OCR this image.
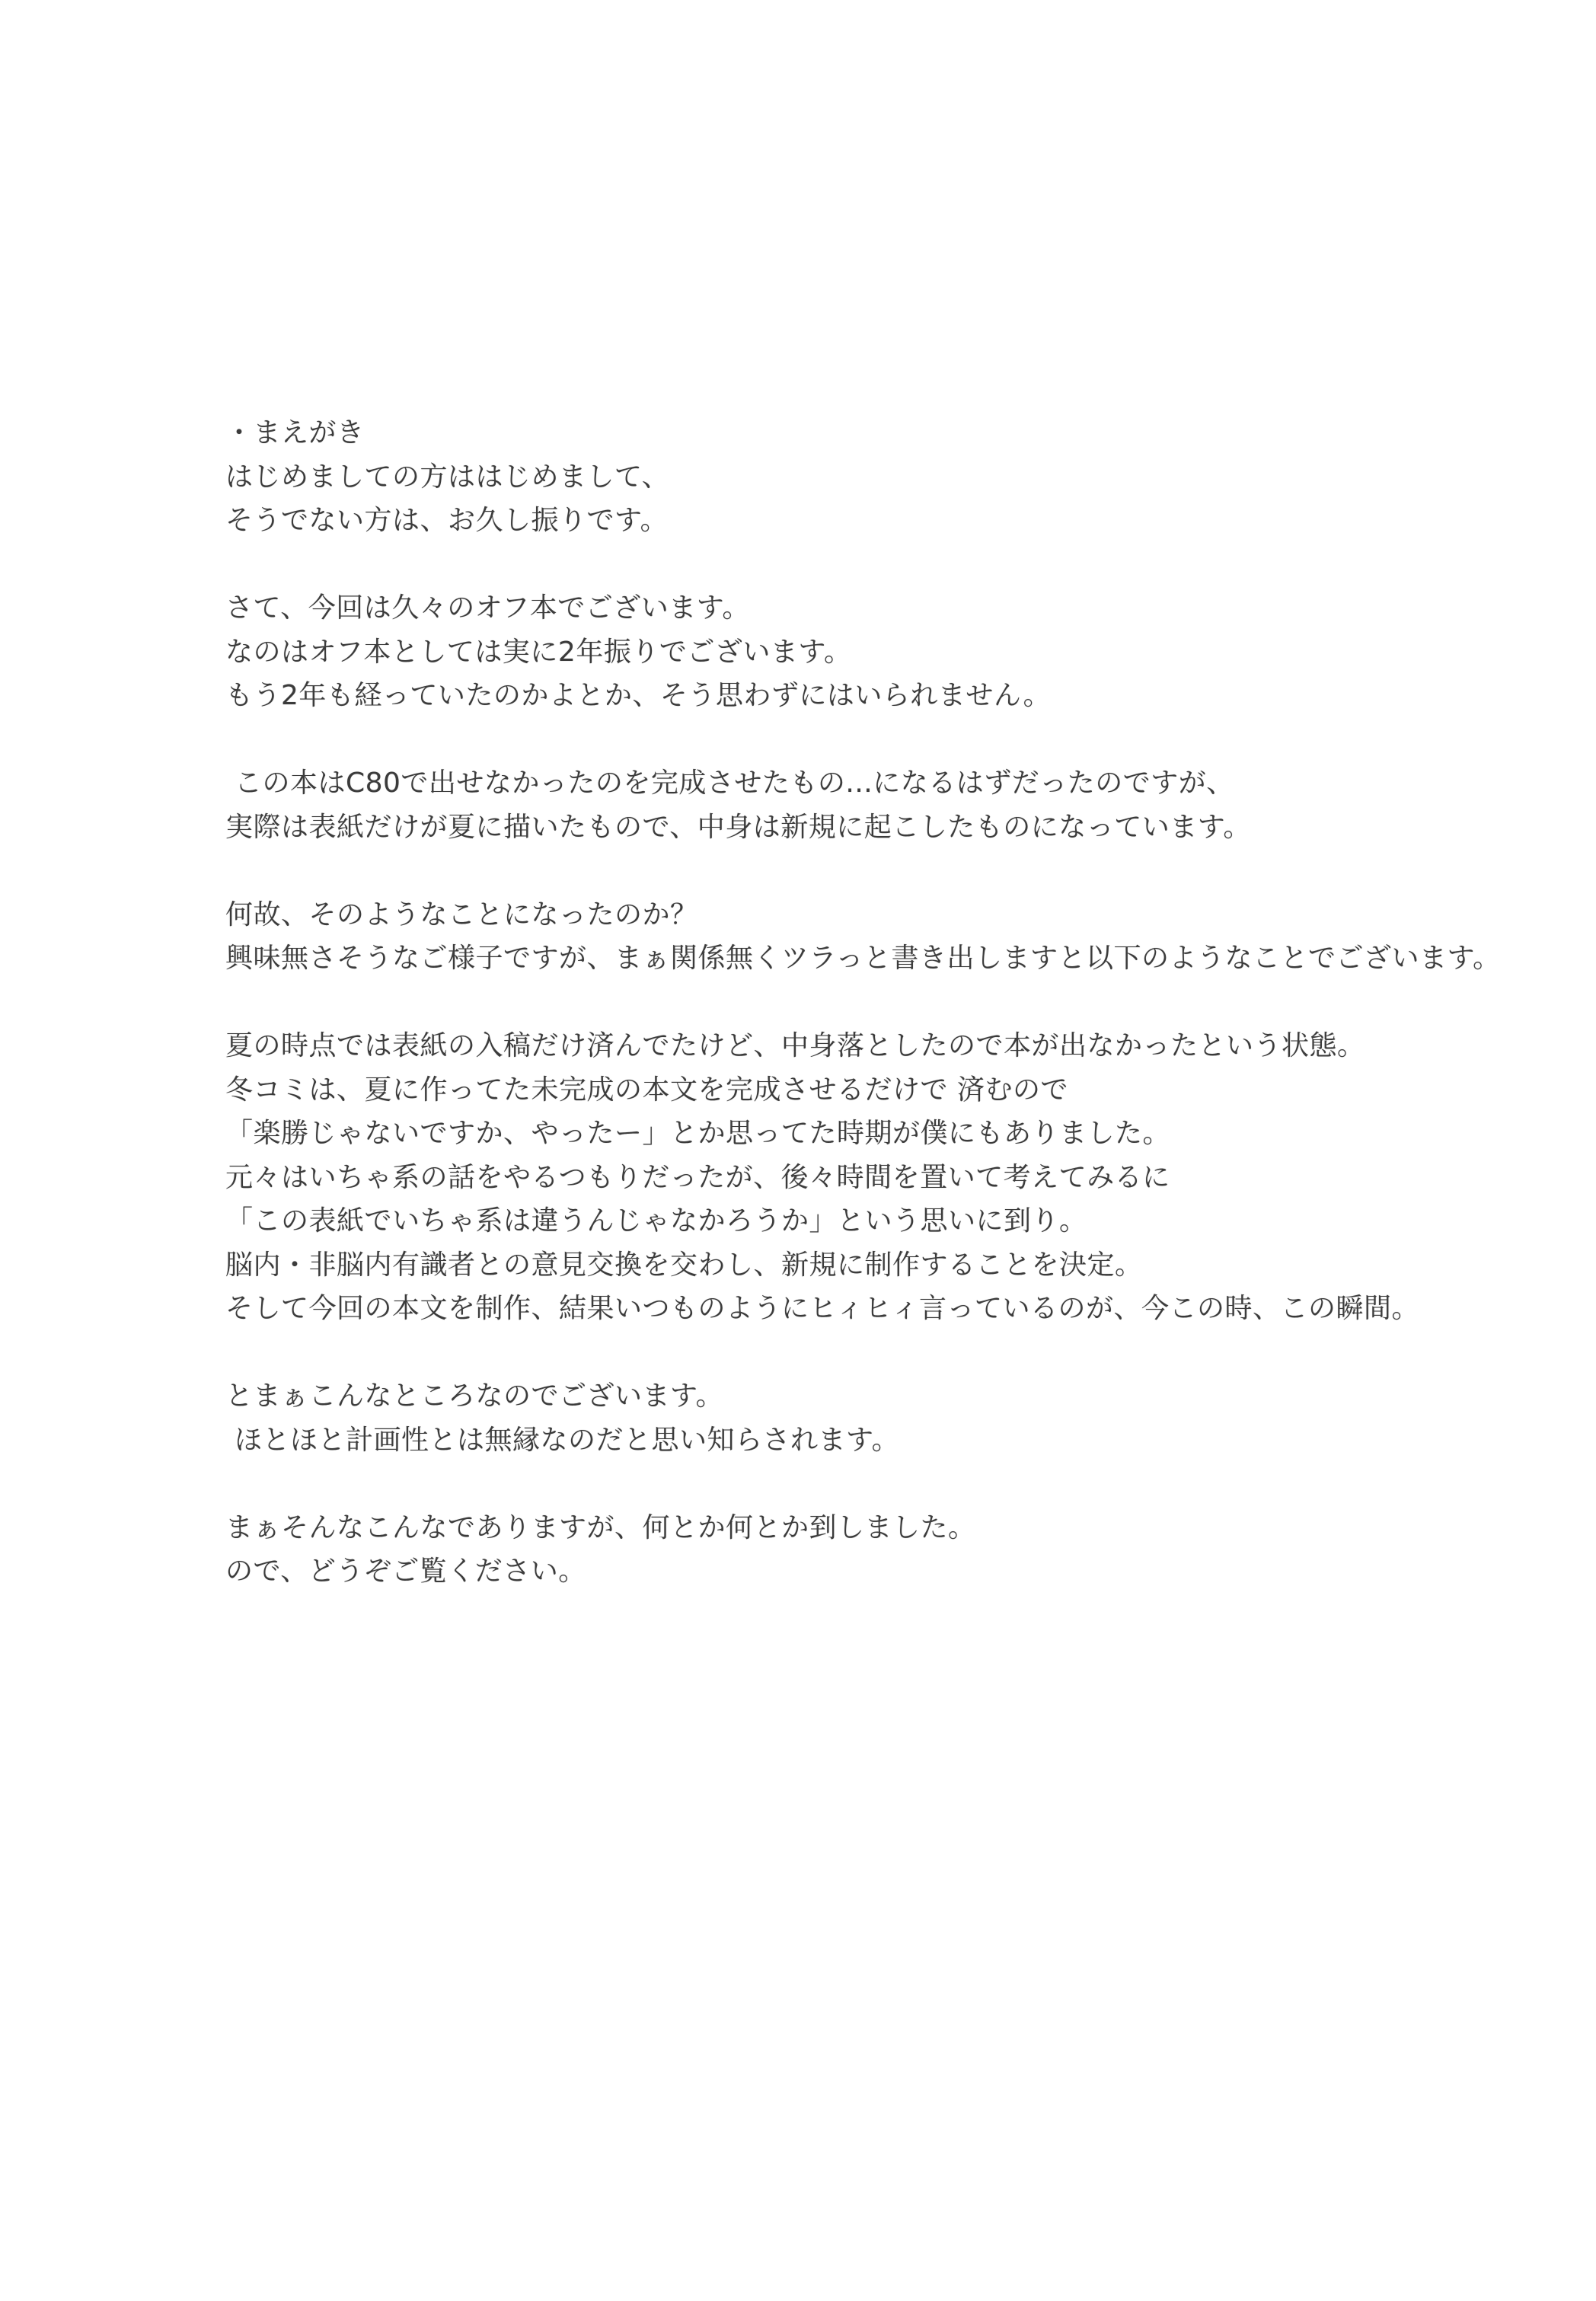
・まえがき
はじめましての方ははじめまして、
そうでない方は、お久し振りです。

さて、今回は久々のオフ本でございます。
なのはオフ本としては実に2年振りでございます。
もう2年も経っていたのかよとか、そう思わずにはいられません。

この本はC80で出せなかったのを完成させたもの...になるはずだったのですが、
実際は表紙だけが夏に描いたもので、中身は新規に起こしたものになっています。

何故、そのようなことになったのか？
興味無さそうなご様子ですが、まぁ関係無くツラっと書き出しますと以下のようなことでございます。

夏の時点では表紙の入稿だけ済んでたけど、中身落としたので本が出なかったという状態。
冬コミは、夏に作ってた未完成の本文を完成させるだけで 済むので
「楽勝じゃないですか、やったー」とか思ってた時期が僕にもありました。
元々はいちゃ系の話をやるつもりだったが、後々時間を置いて考えてみるに
「この表紙でいちゃ系は違うんじゃなかろうか」という思いに到り。
脳内・非脳内有識者との意見交換を交わし、新規に制作することを決定。
そして今回の本文を制作、結果いつものようにヒィヒィ言っているのが、今この時、この瞬間。

とまぁこんなところなのでございます。
ほとほと計画性とは無縁なのだと思い知らされます。

まぁそんなこんなでありますが、何とか何とか到しました。
ので、どうぞご覧ください。
